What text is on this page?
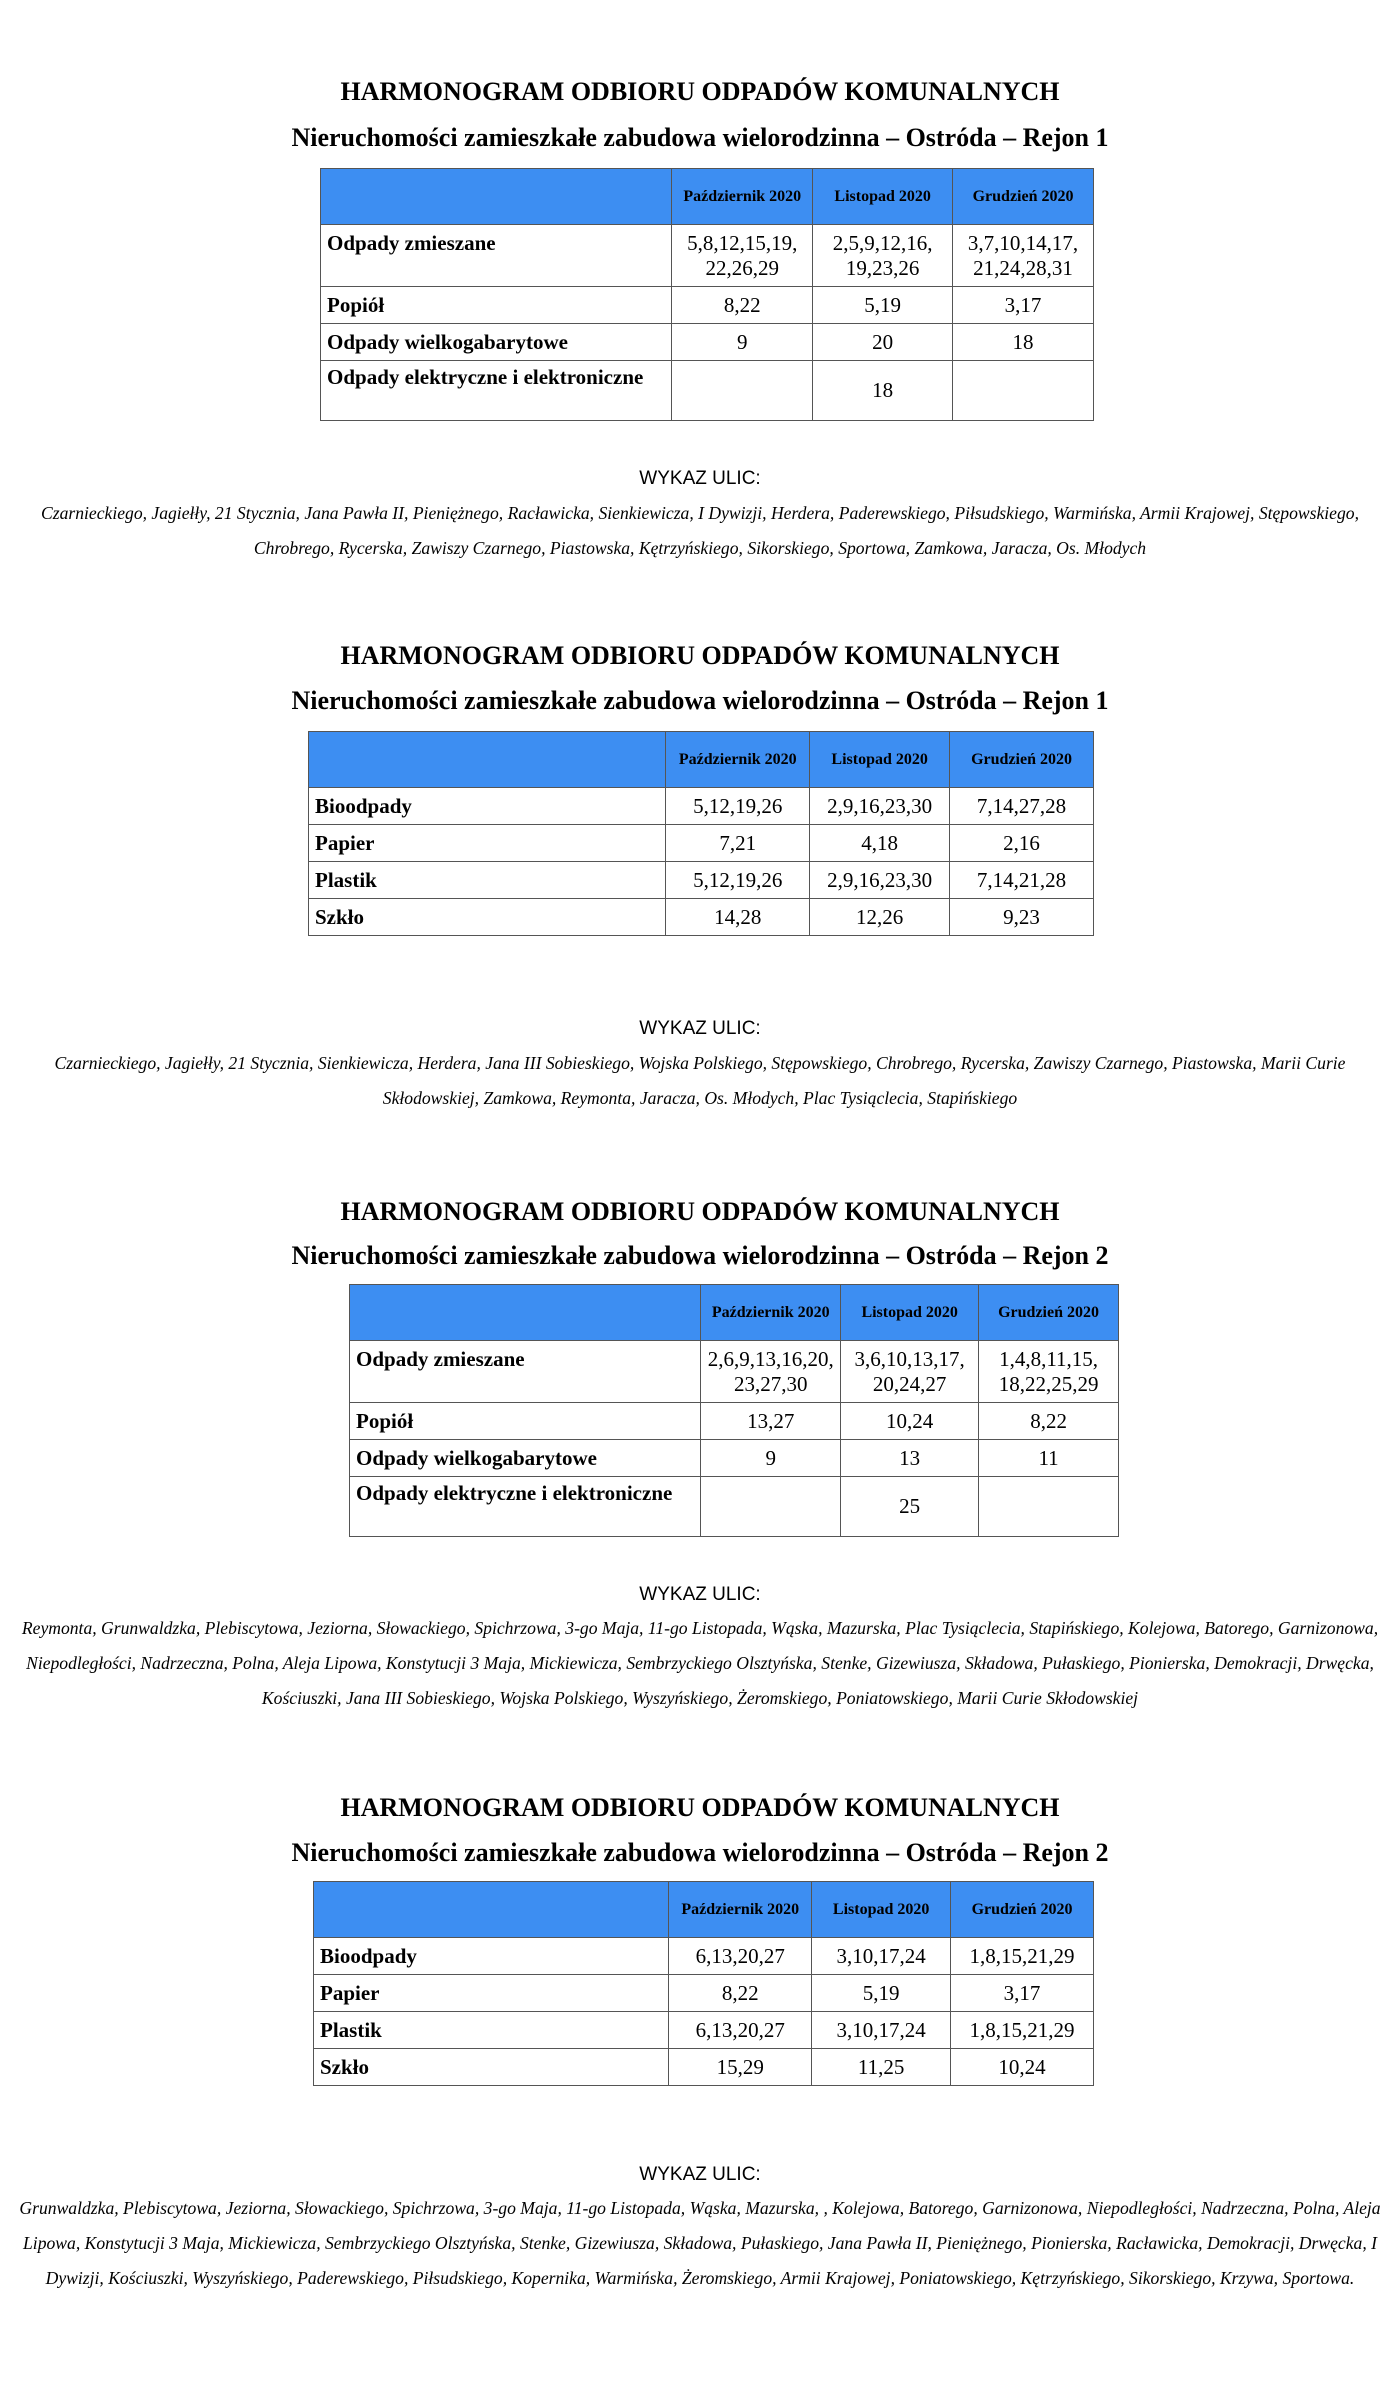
HARMONOGRAM ODBIORU ODPADÓW KOMUNALNYCH
Nieruchomości zamieszkałe zabudowa wielorodzinna – Ostróda – Rejon 1
	Październik 2020	Listopad 2020	Grudzień 2020
Odpady zmieszane	5,8,12,15,19, 22,26,29	2,5,9,12,16, 19,23,26	3,7,10,14,17, 21,24,28,31
Popiół	8,22	5,19	3,17
Odpady wielkogabarytowe	9	20	18
Odpady elektryczne i elektroniczne		18	
WYKAZ ULIC:
Czarnieckiego, Jagiełły, 21 Stycznia, Jana Pawła II, Pieniężnego, Racławicka, Sienkiewicza, I Dywizji, Herdera, Paderewskiego, Piłsudskiego, Warmińska, Armii Krajowej, Stępowskiego, Chrobrego, Rycerska, Zawiszy Czarnego, Piastowska, Kętrzyńskiego, Sikorskiego, Sportowa, Zamkowa, Jaracza, Os. Młodych
HARMONOGRAM ODBIORU ODPADÓW KOMUNALNYCH
Nieruchomości zamieszkałe zabudowa wielorodzinna – Ostróda – Rejon 1
	Październik 2020	Listopad 2020	Grudzień 2020
Bioodpady	5,12,19,26	2,9,16,23,30	7,14,27,28
Papier	7,21	4,18	2,16
Plastik	5,12,19,26	2,9,16,23,30	7,14,21,28
Szkło	14,28	12,26	9,23
WYKAZ ULIC:
Czarnieckiego, Jagiełły, 21 Stycznia, Sienkiewicza, Herdera, Jana III Sobieskiego, Wojska Polskiego, Stępowskiego, Chrobrego, Rycerska, Zawiszy Czarnego, Piastowska, Marii Curie Skłodowskiej, Zamkowa, Reymonta, Jaracza, Os. Młodych, Plac Tysiąclecia, Stapińskiego
HARMONOGRAM ODBIORU ODPADÓW KOMUNALNYCH
Nieruchomości zamieszkałe zabudowa wielorodzinna – Ostróda – Rejon 2
	Październik 2020	Listopad 2020	Grudzień 2020
Odpady zmieszane	2,6,9,13,16,20, 23,27,30	3,6,10,13,17, 20,24,27	1,4,8,11,15, 18,22,25,29
Popiół	13,27	10,24	8,22
Odpady wielkogabarytowe	9	13	11
Odpady elektryczne i elektroniczne		25	
WYKAZ ULIC:
Reymonta, Grunwaldzka, Plebiscytowa, Jeziorna, Słowackiego, Spichrzowa, 3-go Maja, 11-go Listopada, Wąska, Mazurska, Plac Tysiąclecia, Stapińskiego, Kolejowa, Batorego, Garnizonowa, Niepodległości, Nadrzeczna, Polna, Aleja Lipowa, Konstytucji 3 Maja, Mickiewicza, Sembrzyckiego Olsztyńska, Stenke, Gizewiusza, Składowa, Pułaskiego, Pionierska, Demokracji, Drwęcka, Kościuszki, Jana III Sobieskiego, Wojska Polskiego, Wyszyńskiego, Żeromskiego, Poniatowskiego, Marii Curie Skłodowskiej
HARMONOGRAM ODBIORU ODPADÓW KOMUNALNYCH
Nieruchomości zamieszkałe zabudowa wielorodzinna – Ostróda – Rejon 2
	Październik 2020	Listopad 2020	Grudzień 2020
Bioodpady	6,13,20,27	3,10,17,24	1,8,15,21,29
Papier	8,22	5,19	3,17
Plastik	6,13,20,27	3,10,17,24	1,8,15,21,29
Szkło	15,29	11,25	10,24
WYKAZ ULIC:
Grunwaldzka, Plebiscytowa, Jeziorna, Słowackiego, Spichrzowa, 3-go Maja, 11-go Listopada, Wąska, Mazurska, , Kolejowa, Batorego, Garnizonowa, Niepodległości, Nadrzeczna, Polna, Aleja Lipowa, Konstytucji 3 Maja, Mickiewicza, Sembrzyckiego Olsztyńska, Stenke, Gizewiusza, Składowa, Pułaskiego, Jana Pawła II, Pieniężnego, Pionierska, Racławicka, Demokracji, Drwęcka, I Dywizji, Kościuszki, Wyszyńskiego, Paderewskiego, Piłsudskiego, Kopernika, Warmińska, Żeromskiego, Armii Krajowej, Poniatowskiego, Kętrzyńskiego, Sikorskiego, Krzywa, Sportowa.
